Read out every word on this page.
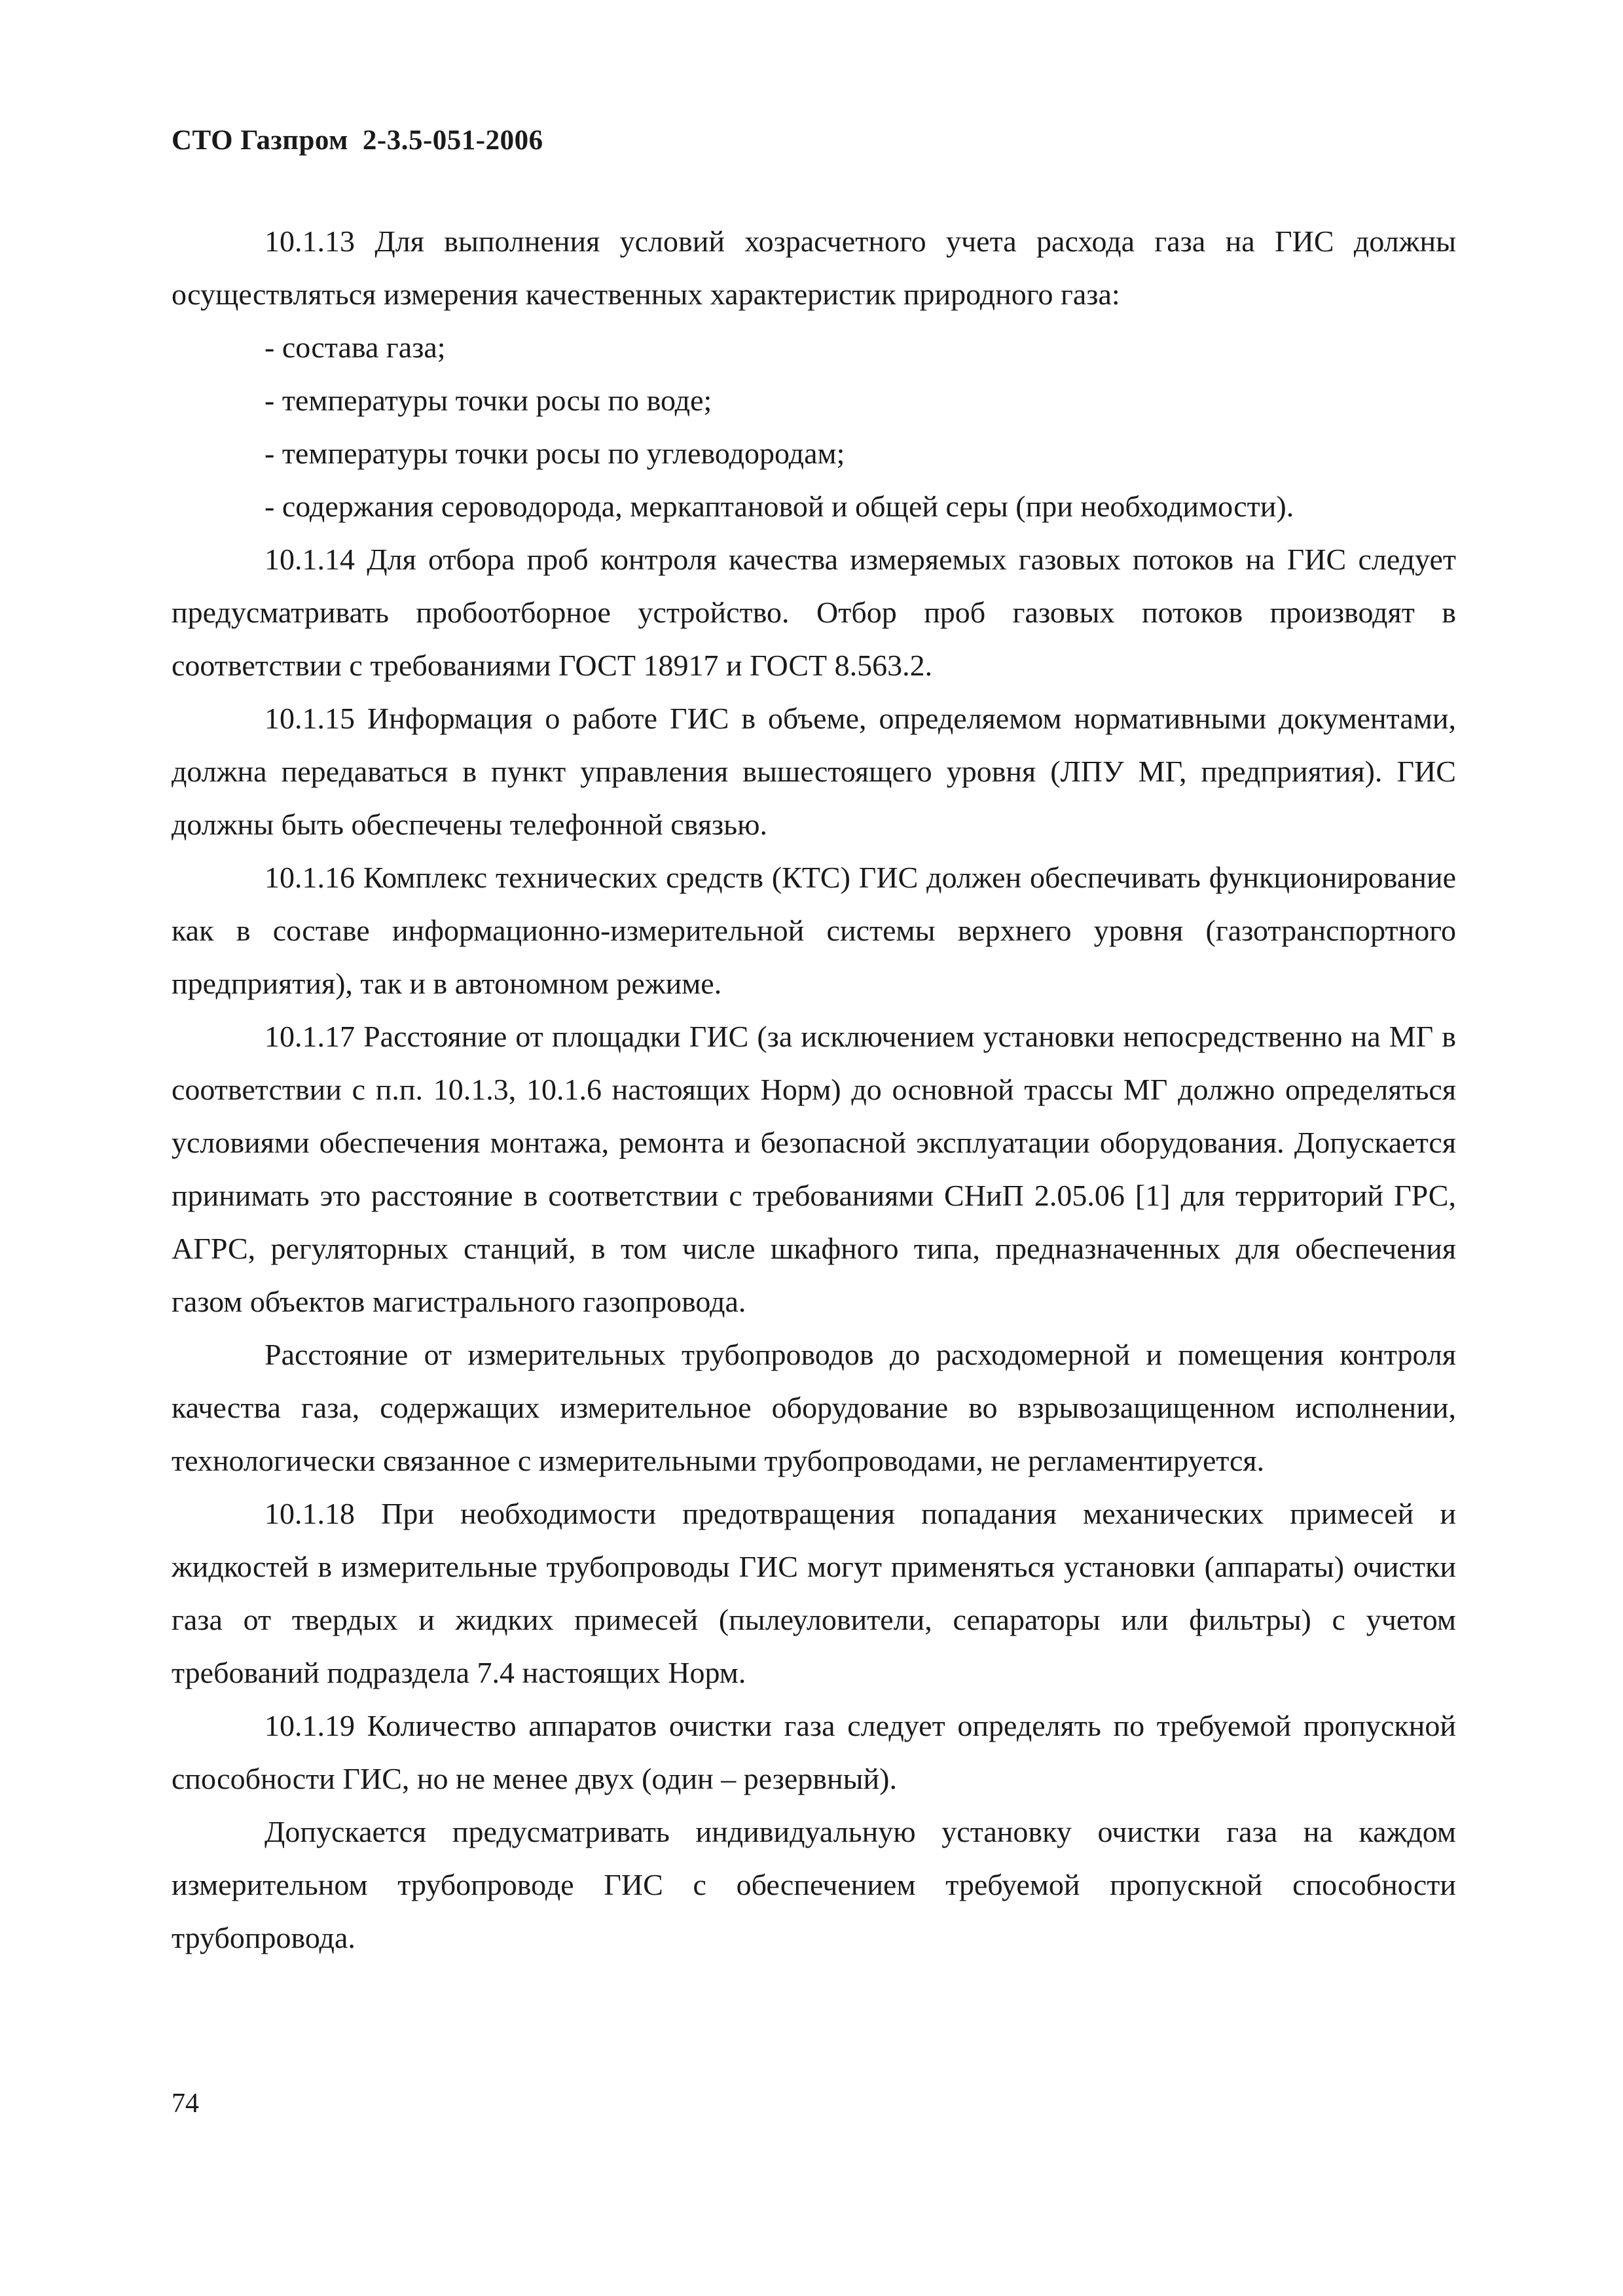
СТО Газпром 2-3.5-051-2006

10.1.13 Для выполнения условий хозрасчетного учета расхода газа на ГИС должны осуществляться измерения качественных характеристик природного газа:

- состава газа;

- температуры точки росы по воде;

- температуры точки росы по углеводородам;

- содержания сероводорода, меркаптановой и общей серы (при необходимости).

10.1.14 Для отбора проб контроля качества измеряемых газовых потоков на ГИС следует предусматривать пробоотборное устройство. Отбор проб газовых потоков производят в соответствии с требованиями ГОСТ 18917 и ГОСТ 8.563.2.

10.1.15 Информация о работе ГИС в объеме, определяемом нормативными документами, должна передаваться в пункт управления вышестоящего уровня (ЛПУ МГ, предприятия). ГИС должны быть обеспечены телефонной связью.

10.1.16 Комплекс технических средств (КТС) ГИС должен обеспечивать функционирование как в составе информационно-измерительной системы верхнего уровня (газотранспортного предприятия), так и в автономном режиме.

10.1.17 Расстояние от площадки ГИС (за исключением установки непосредственно на МГ в соответствии с п.п. 10.1.3, 10.1.6 настоящих Норм) до основной трассы МГ должно определяться условиями обеспечения монтажа, ремонта и безопасной эксплуатации оборудования. Допускается принимать это расстояние в соответствии с требованиями СНиП 2.05.06 [1] для территорий ГРС, АГРС, регуляторных станций, в том числе шкафного типа, предназначенных для обеспечения газом объектов магистрального газопровода.

Расстояние от измерительных трубопроводов до расходомерной и помещения контроля качества газа, содержащих измерительное оборудование во взрывозащищенном исполнении, технологически связанное с измерительными трубопроводами, не регламентируется.

10.1.18 При необходимости предотвращения попадания механических примесей и жидкостей в измерительные трубопроводы ГИС могут применяться установки (аппараты) очистки газа от твердых и жидких примесей (пылеуловители, сепараторы или фильтры) с учетом требований подраздела 7.4 настоящих Норм.

10.1.19 Количество аппаратов очистки газа следует определять по требуемой пропускной способности ГИС, но не менее двух (один – резервный).

Допускается предусматривать индивидуальную установку очистки газа на каждом измерительном трубопроводе ГИС с обеспечением требуемой пропускной способности трубопровода.

74
